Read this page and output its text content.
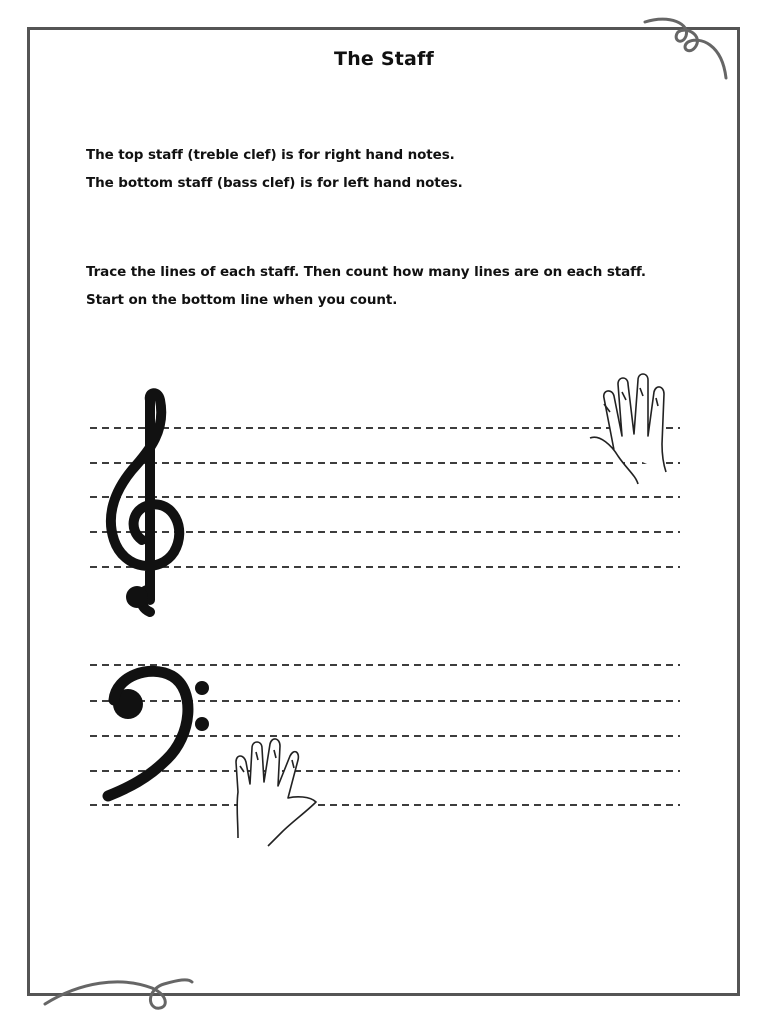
The Staff

The top staff (treble clef) is for right hand notes.

The bottom staff (bass clef) is for left hand notes.

Trace the lines of each staff. Then count how many lines are on each staff.

Start on the bottom line when you count.
